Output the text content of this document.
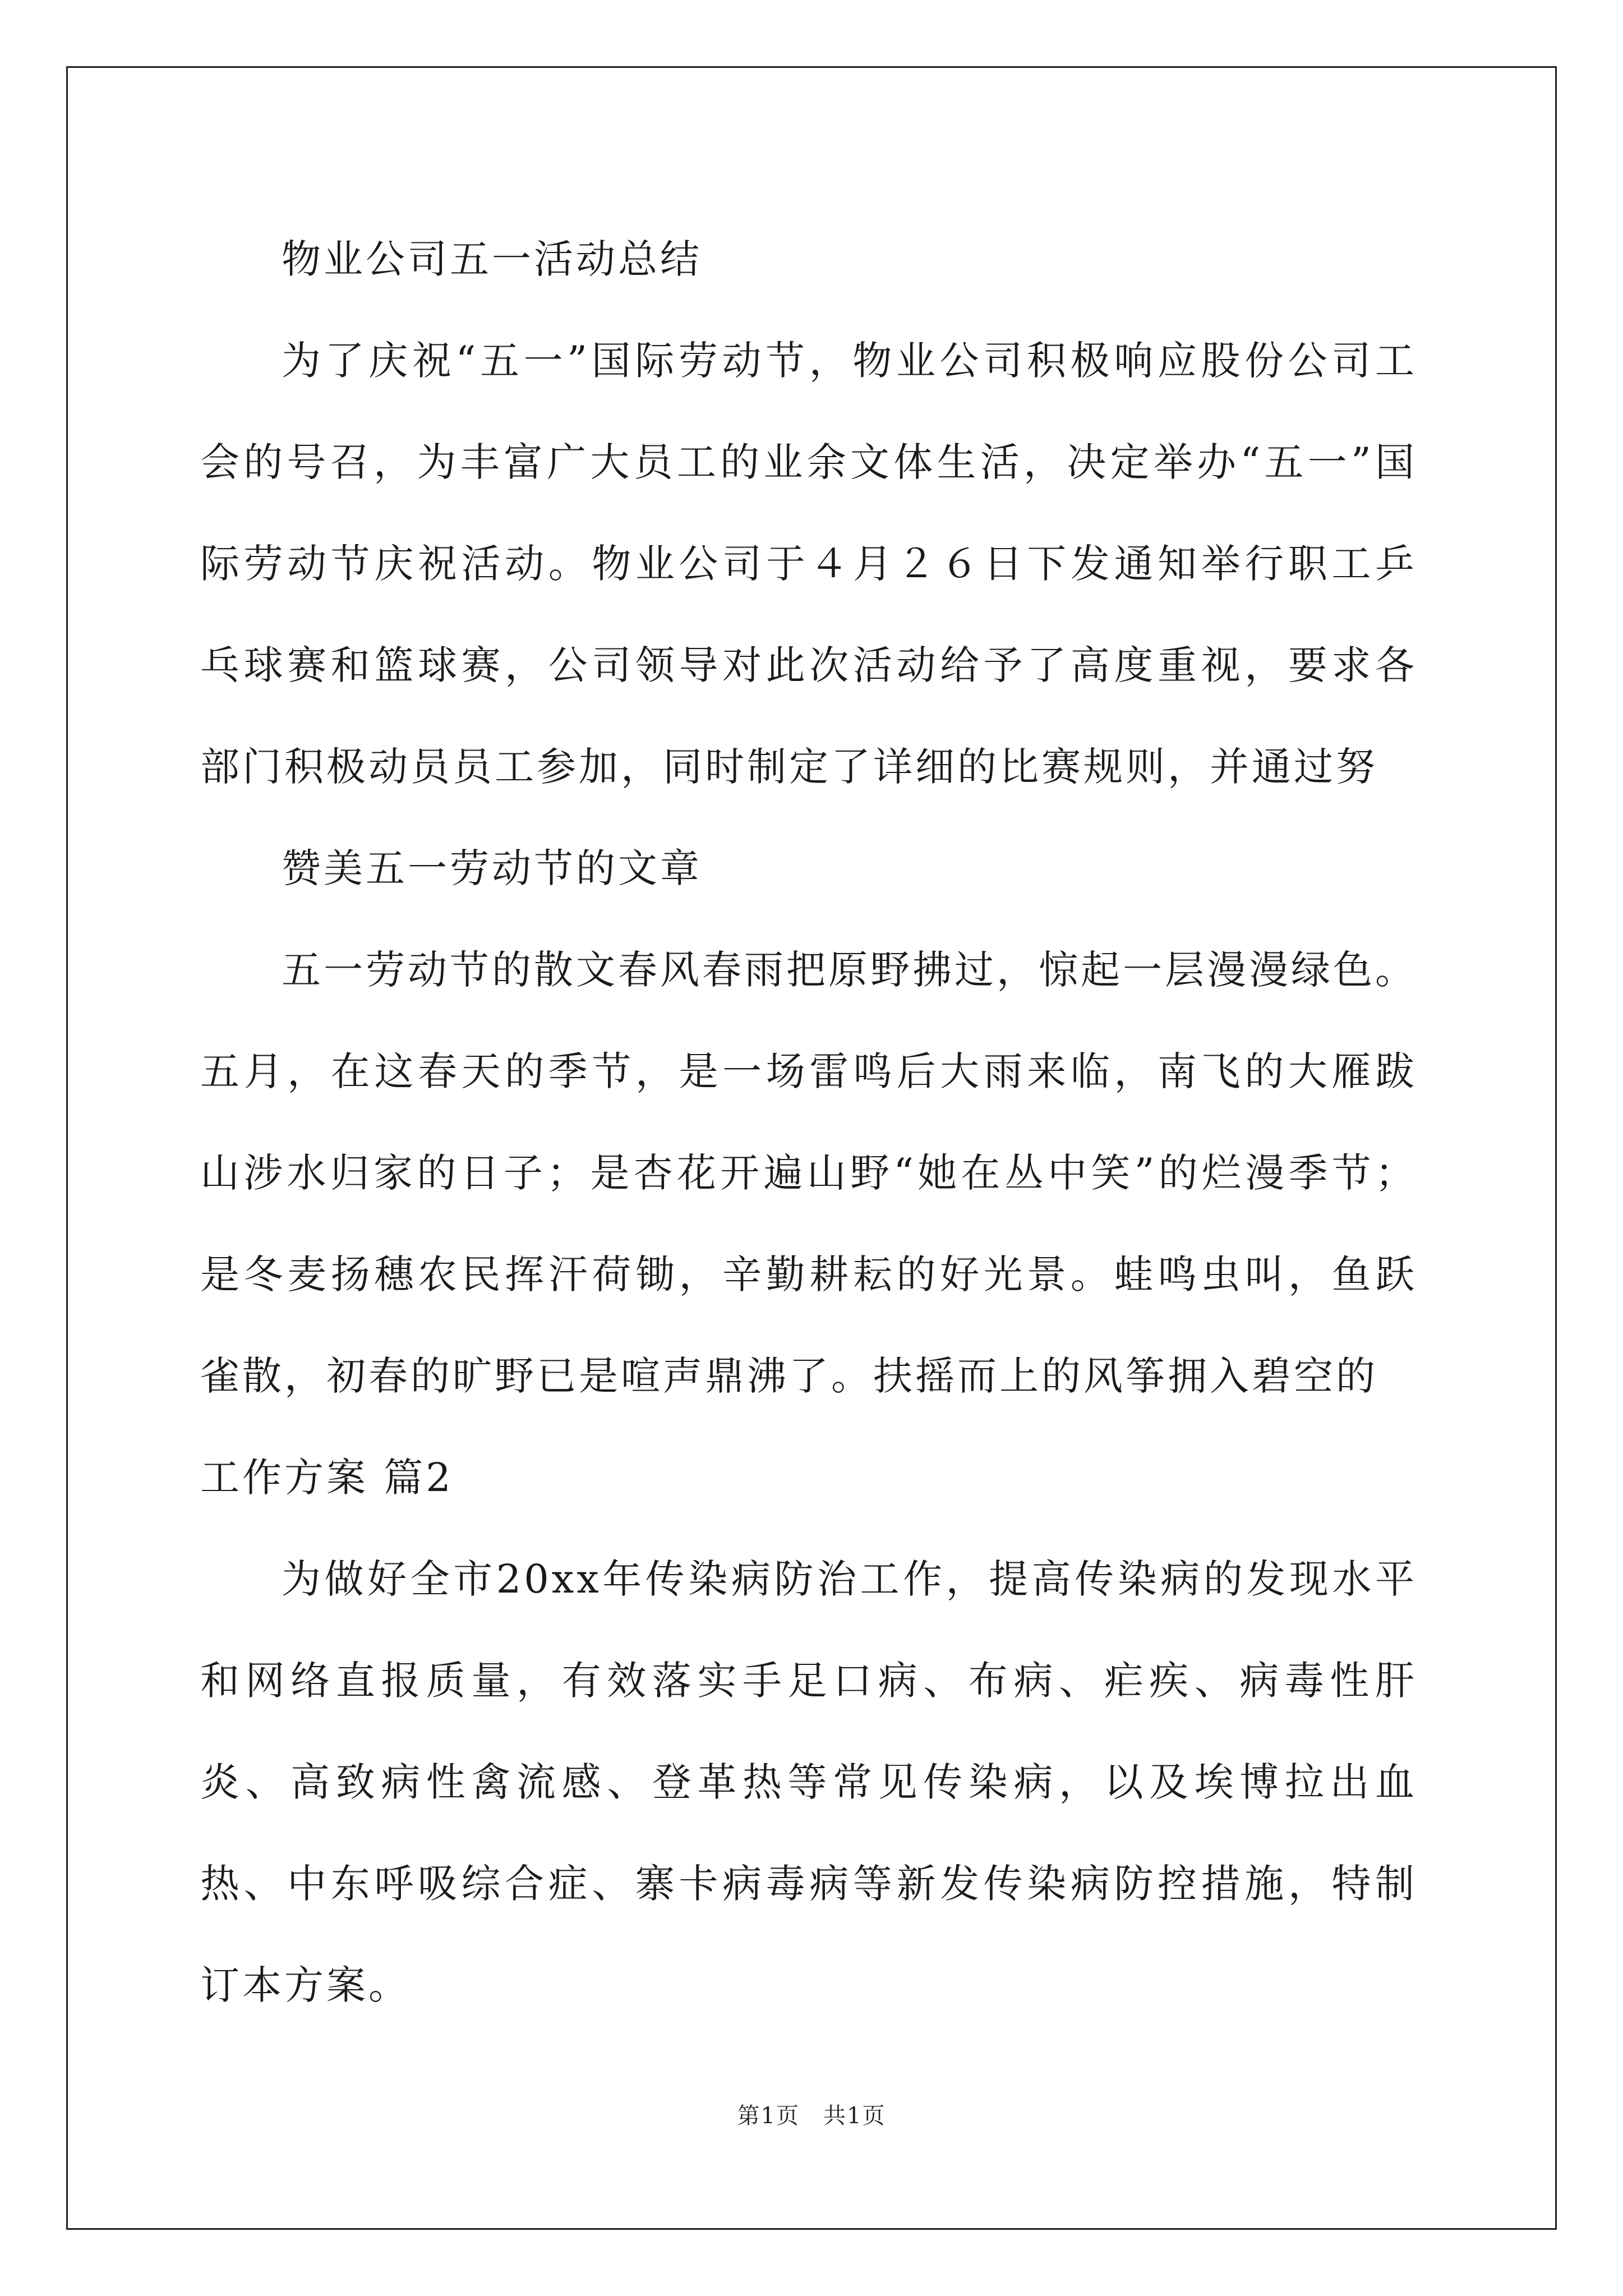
物业公司五一活动总结

为了庆祝“五一”国际劳动节，物业公司积极响应股份公司工会的号召，为丰富广大员工的业余文体生活，决定举办“五一”国际劳动节庆祝活动。物业公司于４月２６日下发通知举行职工乒乓球赛和篮球赛，公司领导对此次活动给予了高度重视，要求各部门积极动员员工参加，同时制定了详细的比赛规则，并通过努

赞美五一劳动节的文章

五一劳动节的散文春风春雨把原野拂过，惊起一层漫漫绿色。五月，在这春天的季节，是一场雷鸣后大雨来临，南飞的大雁跋山涉水归家的日子；是杏花开遍山野“她在丛中笑”的烂漫季节；是冬麦扬穗农民挥汗荷锄，辛勤耕耘的好光景。蛙鸣虫叫，鱼跃雀散，初春的旷野已是喧声鼎沸了。扶摇而上的风筝拥入碧空的

工作方案 篇2

为做好全市20xx年传染病防治工作，提高传染病的发现水平和网络直报质量，有效落实手足口病、布病、疟疾、病毒性肝炎、高致病性禽流感、登革热等常见传染病，以及埃博拉出血热、中东呼吸综合症、寨卡病毒病等新发传染病防控措施，特制订本方案。

第1页 共1页
